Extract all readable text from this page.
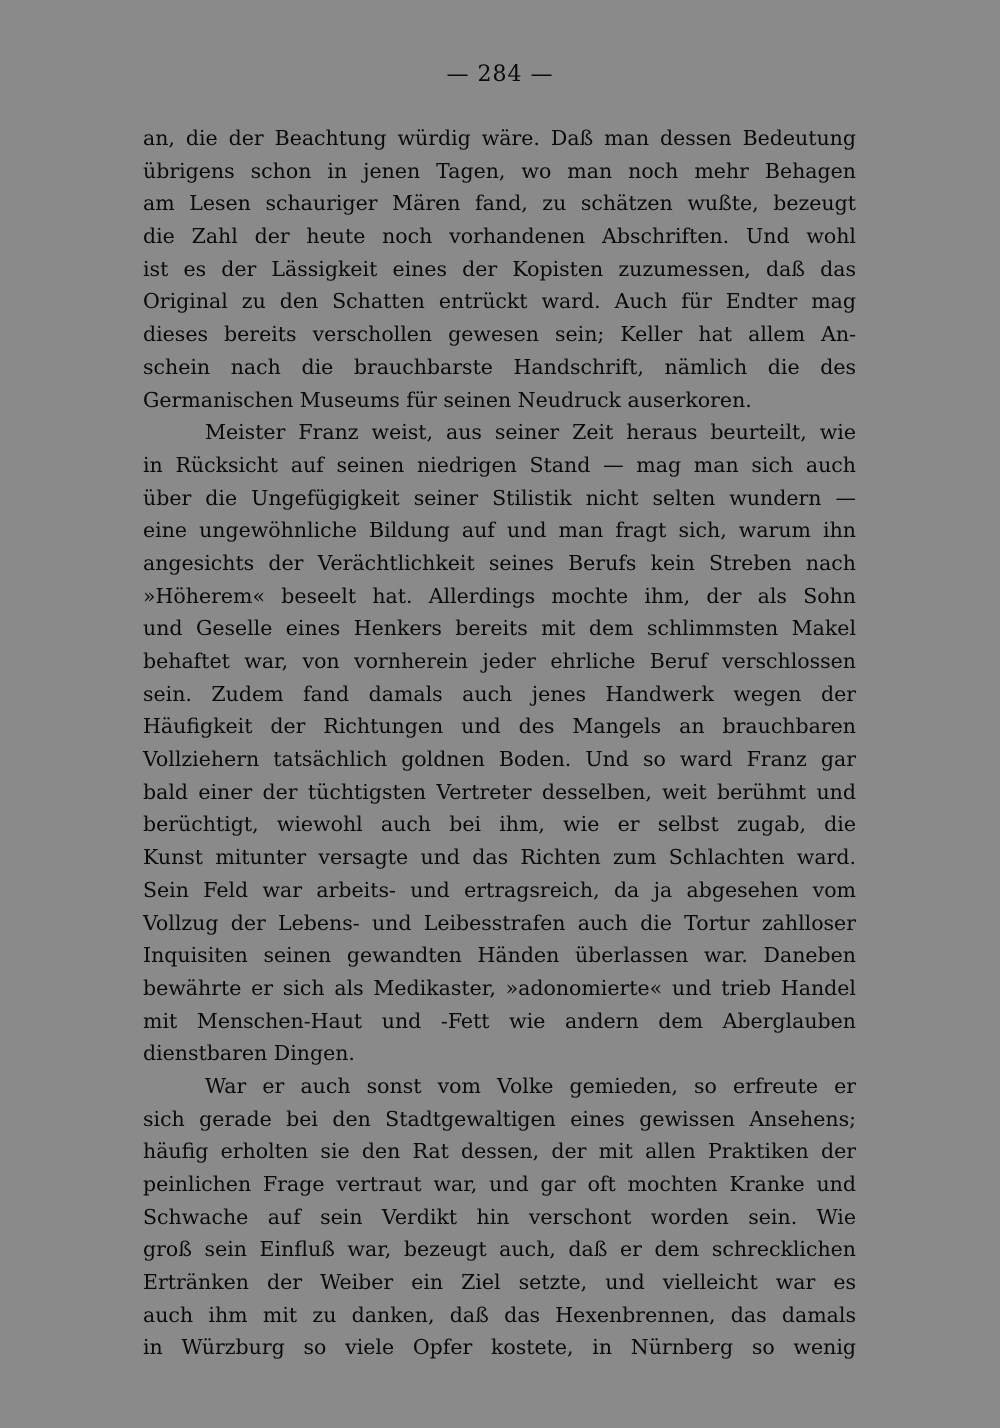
— 284 —
an, die der Beachtung würdig wäre. Daß man dessen Bedeutung
übrigens schon in jenen Tagen, wo man noch mehr Behagen
am Lesen schauriger Mären fand, zu schätzen wußte, bezeugt
die Zahl der heute noch vorhandenen Abschriften. Und wohl
ist es der Lässigkeit eines der Kopisten zuzumessen, daß das
Original zu den Schatten entrückt ward. Auch für Endter mag
dieses bereits verschollen gewesen sein; Keller hat allem An-
schein nach die brauchbarste Handschrift, nämlich die des
Germanischen Museums für seinen Neudruck auserkoren.
Meister Franz weist, aus seiner Zeit heraus beurteilt, wie
in Rücksicht auf seinen niedrigen Stand — mag man sich auch
über die Ungefügigkeit seiner Stilistik nicht selten wundern —
eine ungewöhnliche Bildung auf und man fragt sich, warum ihn
angesichts der Verächtlichkeit seines Berufs kein Streben nach
»Höherem« beseelt hat. Allerdings mochte ihm, der als Sohn
und Geselle eines Henkers bereits mit dem schlimmsten Makel
behaftet war, von vornherein jeder ehrliche Beruf verschlossen
sein. Zudem fand damals auch jenes Handwerk wegen der
Häufigkeit der Richtungen und des Mangels an brauchbaren
Vollziehern tatsächlich goldnen Boden. Und so ward Franz gar
bald einer der tüchtigsten Vertreter desselben, weit berühmt und
berüchtigt, wiewohl auch bei ihm, wie er selbst zugab, die
Kunst mitunter versagte und das Richten zum Schlachten ward.
Sein Feld war arbeits- und ertragsreich, da ja abgesehen vom
Vollzug der Lebens- und Leibesstrafen auch die Tortur zahlloser
Inquisiten seinen gewandten Händen überlassen war. Daneben
bewährte er sich als Medikaster, »adonomierte« und trieb Handel
mit Menschen-Haut und -Fett wie andern dem Aberglauben
dienstbaren Dingen.
War er auch sonst vom Volke gemieden, so erfreute er
sich gerade bei den Stadtgewaltigen eines gewissen Ansehens;
häufig erholten sie den Rat dessen, der mit allen Praktiken der
peinlichen Frage vertraut war, und gar oft mochten Kranke und
Schwache auf sein Verdikt hin verschont worden sein. Wie
groß sein Einfluß war, bezeugt auch, daß er dem schrecklichen
Ertränken der Weiber ein Ziel setzte, und vielleicht war es
auch ihm mit zu danken, daß das Hexenbrennen, das damals
in Würzburg so viele Opfer kostete, in Nürnberg so wenig
